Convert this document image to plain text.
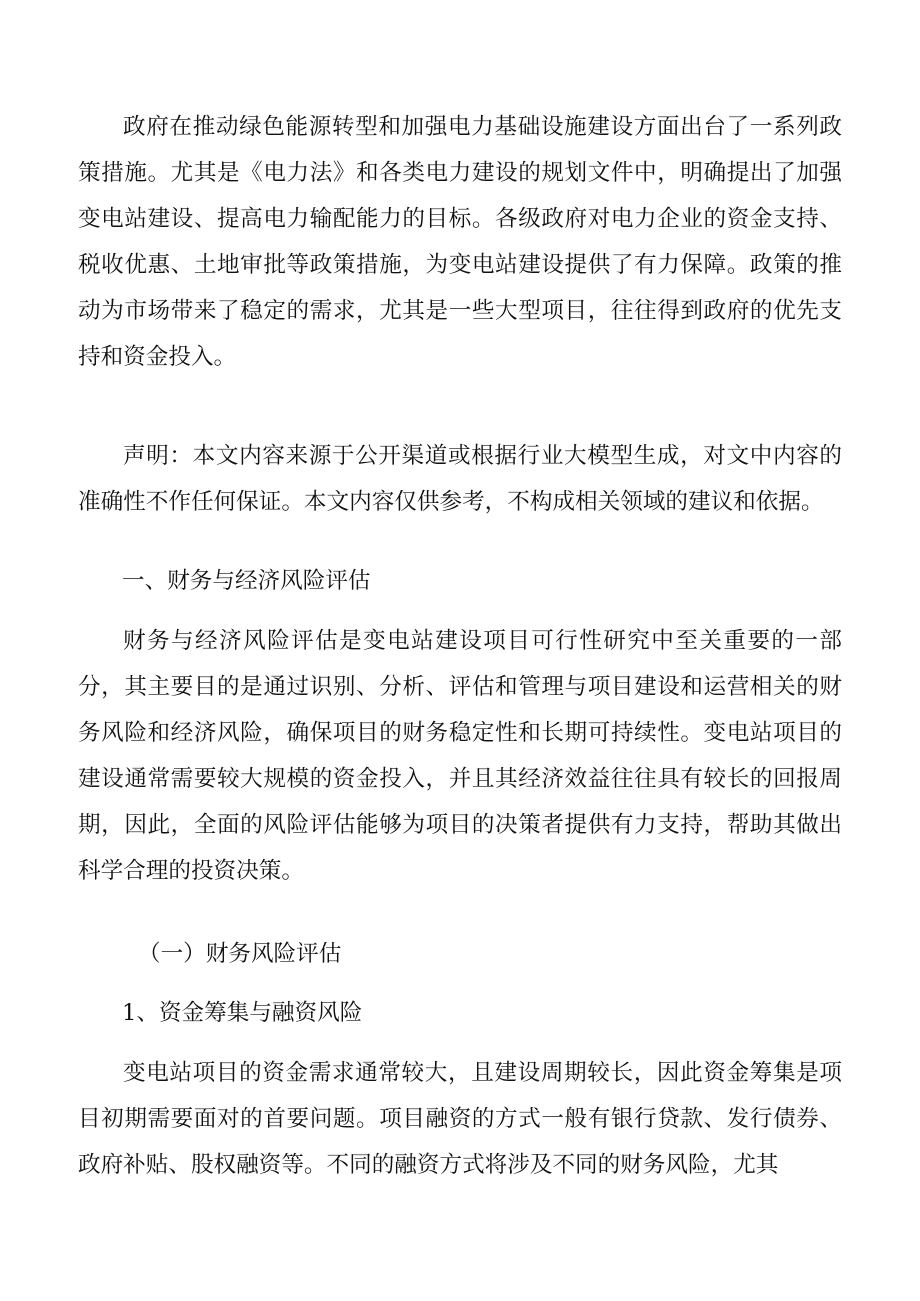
政府在推动绿色能源转型和加强电力基础设施建设方面出台了一系列政策措施。尤其是《电力法》和各类电力建设的规划文件中，明确提出了加强变电站建设、提高电力输配能力的目标。各级政府对电力企业的资金支持、税收优惠、土地审批等政策措施，为变电站建设提供了有力保障。政策的推动为市场带来了稳定的需求，尤其是一些大型项目，往往得到政府的优先支持和资金投入。

声明：本文内容来源于公开渠道或根据行业大模型生成，对文中内容的准确性不作任何保证。本文内容仅供参考，不构成相关领域的建议和依据。

一、财务与经济风险评估

财务与经济风险评估是变电站建设项目可行性研究中至关重要的一部分，其主要目的是通过识别、分析、评估和管理与项目建设和运营相关的财务风险和经济风险，确保项目的财务稳定性和长期可持续性。变电站项目的建设通常需要较大规模的资金投入，并且其经济效益往往具有较长的回报周期，因此，全面的风险评估能够为项目的决策者提供有力支持，帮助其做出科学合理的投资决策。

（一）财务风险评估
1、资金筹集与融资风险

变电站项目的资金需求通常较大，且建设周期较长，因此资金筹集是项目初期需要面对的首要问题。项目融资的方式一般有银行贷款、发行债券、政府补贴、股权融资等。不同的融资方式将涉及不同的财务风险，尤其
